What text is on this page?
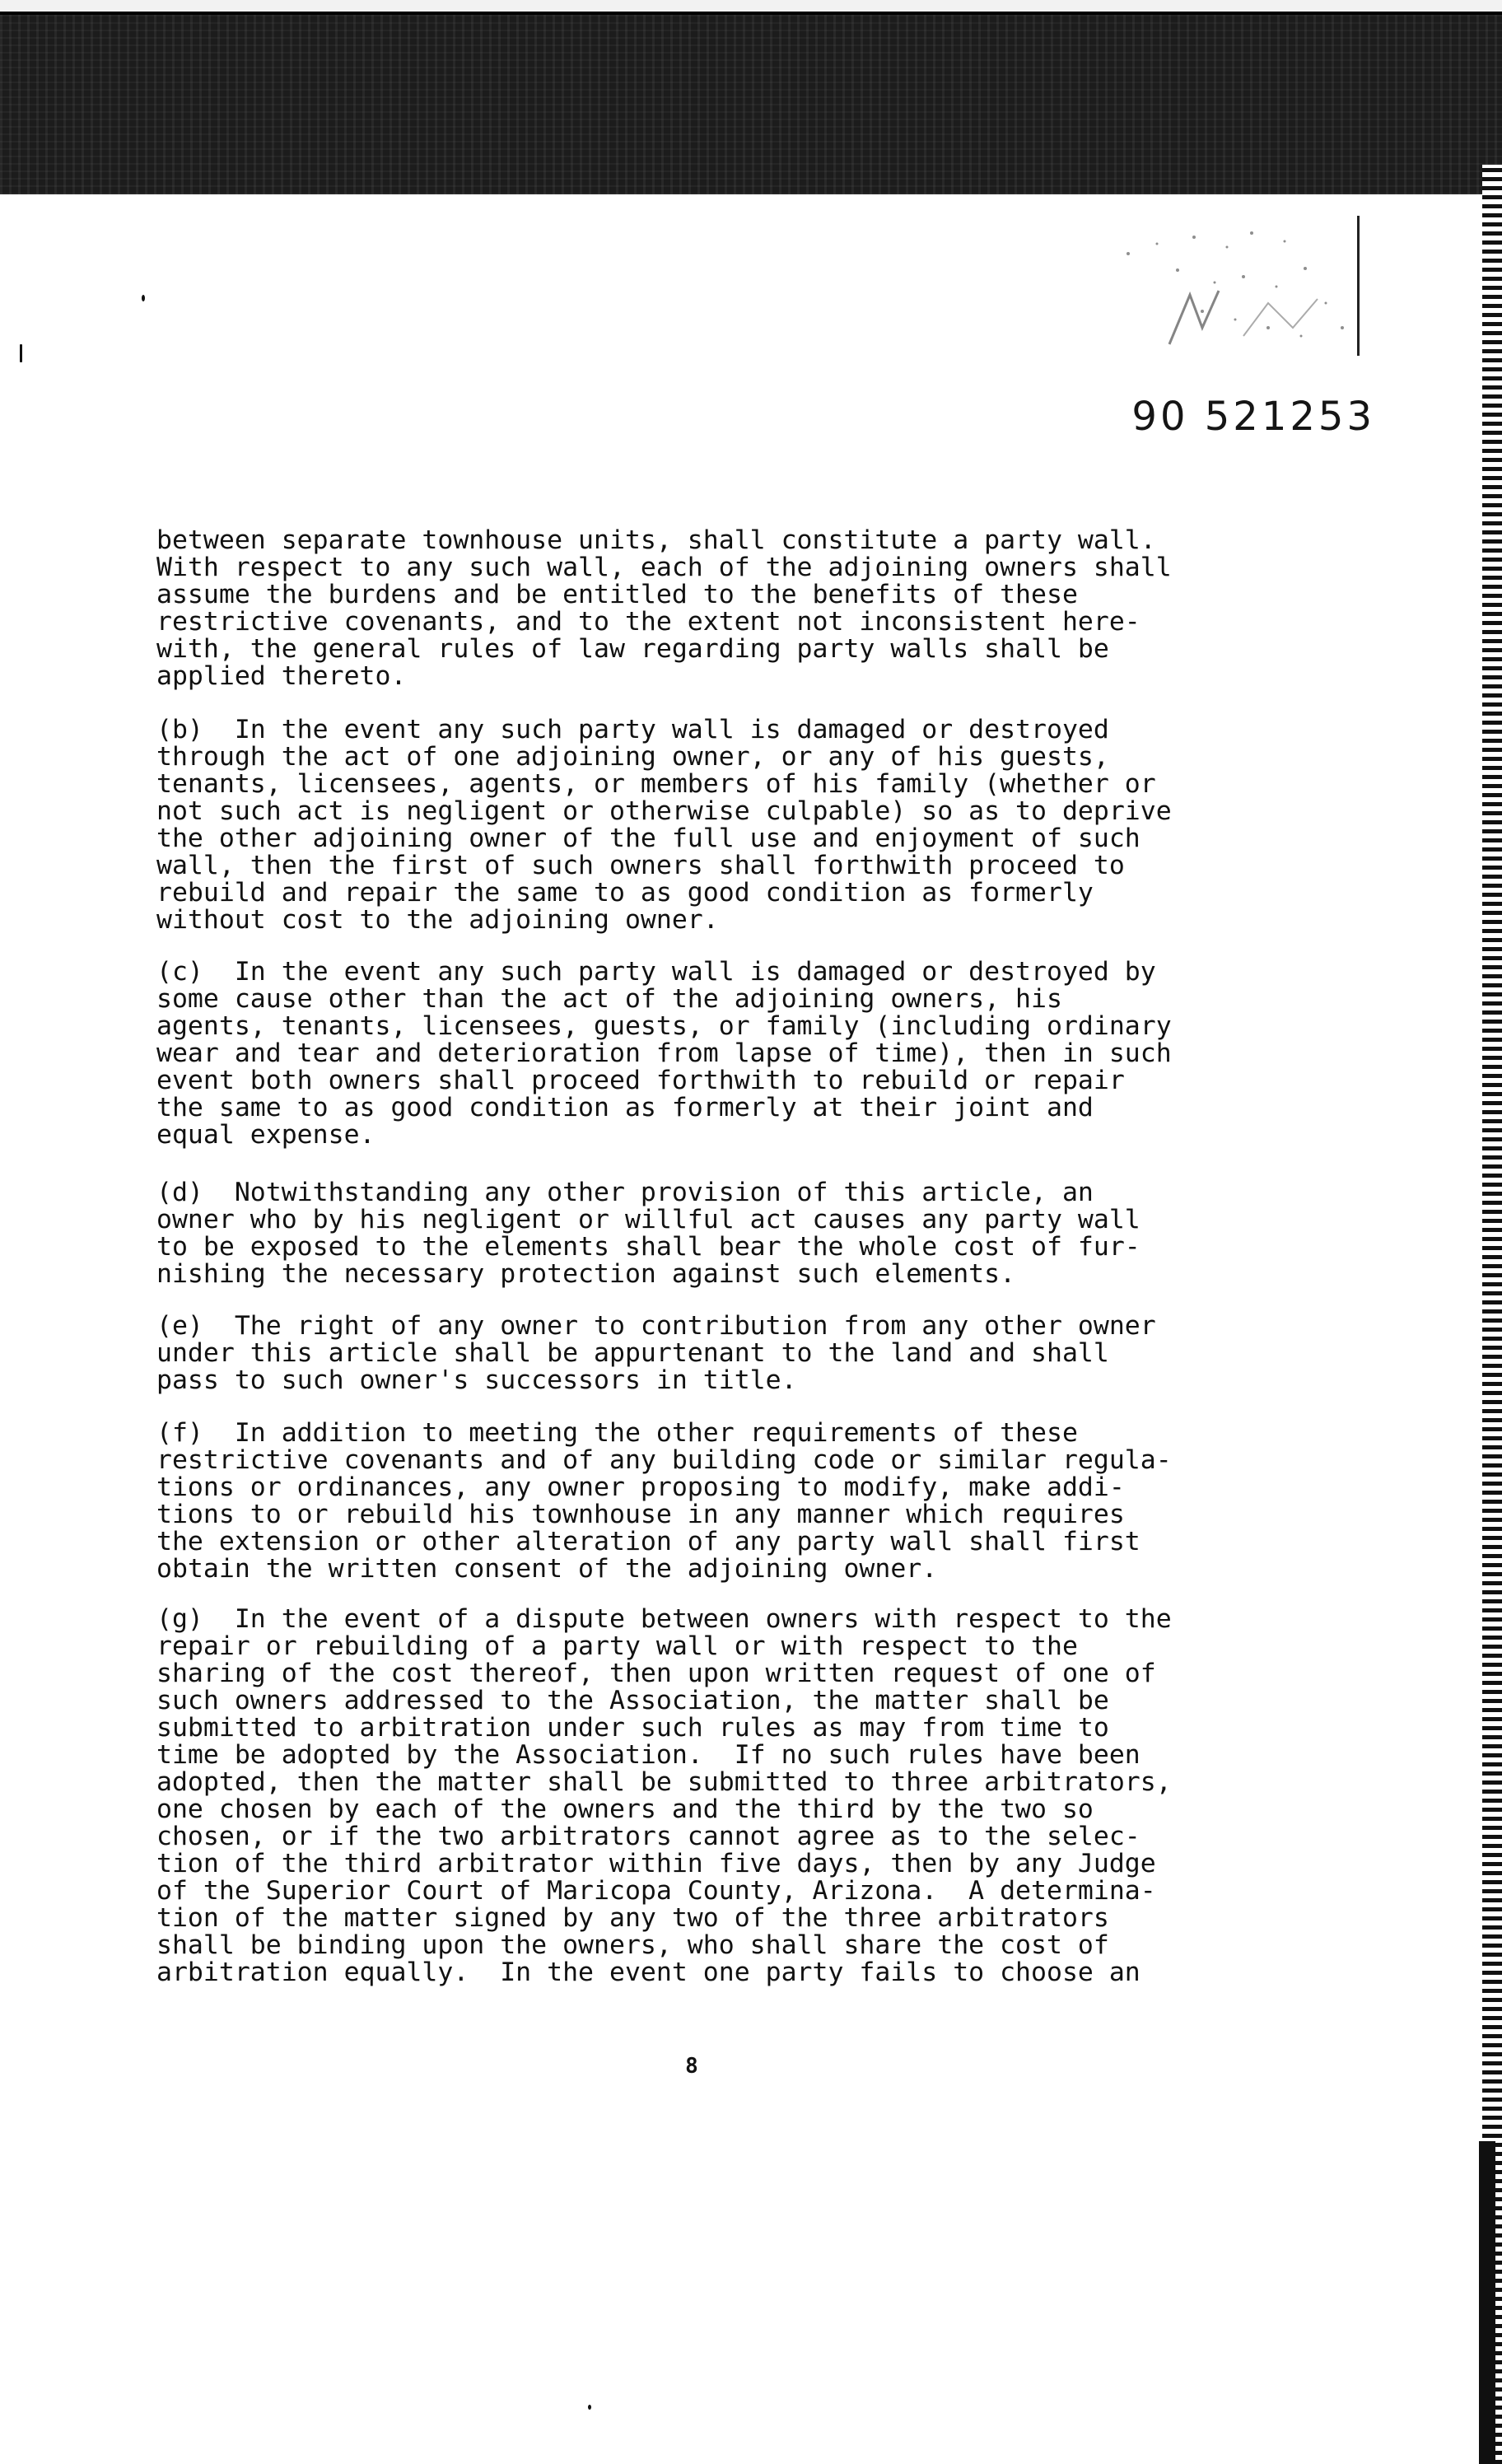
90 521253
between separate townhouse units, shall constitute a party wall.
With respect to any such wall, each of the adjoining owners shall
assume the burdens and be entitled to the benefits of these
restrictive covenants, and to the extent not inconsistent here-
with, the general rules of law regarding party walls shall be
applied thereto.
(b)  In the event any such party wall is damaged or destroyed
through the act of one adjoining owner, or any of his guests,
tenants, licensees, agents, or members of his family (whether or
not such act is negligent or otherwise culpable) so as to deprive
the other adjoining owner of the full use and enjoyment of such
wall, then the first of such owners shall forthwith proceed to
rebuild and repair the same to as good condition as formerly
without cost to the adjoining owner.
(c)  In the event any such party wall is damaged or destroyed by
some cause other than the act of the adjoining owners, his
agents, tenants, licensees, guests, or family (including ordinary
wear and tear and deterioration from lapse of time), then in such
event both owners shall proceed forthwith to rebuild or repair
the same to as good condition as formerly at their joint and
equal expense.
(d)  Notwithstanding any other provision of this article, an
owner who by his negligent or willful act causes any party wall
to be exposed to the elements shall bear the whole cost of fur-
nishing the necessary protection against such elements.
(e)  The right of any owner to contribution from any other owner
under this article shall be appurtenant to the land and shall
pass to such owner's successors in title.
(f)  In addition to meeting the other requirements of these
restrictive covenants and of any building code or similar regula-
tions or ordinances, any owner proposing to modify, make addi-
tions to or rebuild his townhouse in any manner which requires
the extension or other alteration of any party wall shall first
obtain the written consent of the adjoining owner.
(g)  In the event of a dispute between owners with respect to the
repair or rebuilding of a party wall or with respect to the
sharing of the cost thereof, then upon written request of one of
such owners addressed to the Association, the matter shall be
submitted to arbitration under such rules as may from time to
time be adopted by the Association.  If no such rules have been
adopted, then the matter shall be submitted to three arbitrators,
one chosen by each of the owners and the third by the two so
chosen, or if the two arbitrators cannot agree as to the selec-
tion of the third arbitrator within five days, then by any Judge
of the Superior Court of Maricopa County, Arizona.  A determina-
tion of the matter signed by any two of the three arbitrators
shall be binding upon the owners, who shall share the cost of
arbitration equally.  In the event one party fails to choose an
8
